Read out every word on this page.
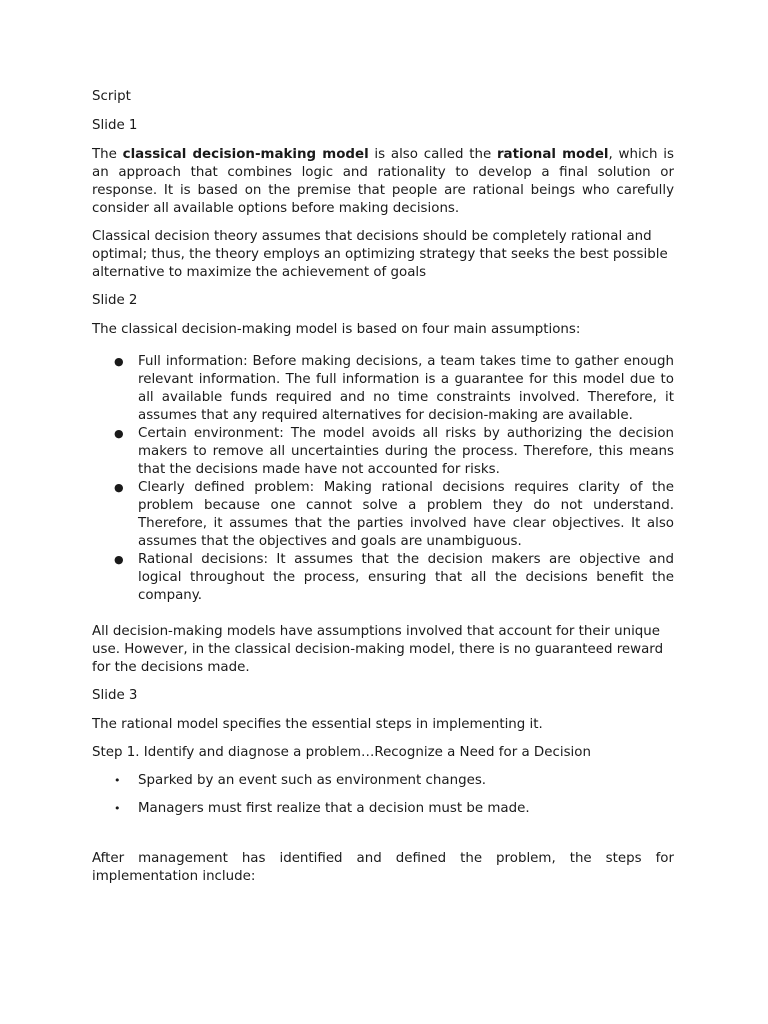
Script

Slide 1

The classical decision-making model is also called the rational model, which is an approach that combines logic and rationality to develop a final solution or response. It is based on the premise that people are rational beings who carefully consider all available options before making decisions.

Classical decision theory assumes that decisions should be completely rational and optimal; thus, the theory employs an optimizing strategy that seeks the best possible alternative to maximize the achievement of goals

Slide 2

The classical decision-making model is based on four main assumptions:

● Full information: Before making decisions, a team takes time to gather enough relevant information. The full information is a guarantee for this model due to all available funds required and no time constraints involved. Therefore, it assumes that any required alternatives for decision-making are available.
● Certain environment: The model avoids all risks by authorizing the decision makers to remove all uncertainties during the process. Therefore, this means that the decisions made have not accounted for risks.
● Clearly defined problem: Making rational decisions requires clarity of the problem because one cannot solve a problem they do not understand. Therefore, it assumes that the parties involved have clear objectives. It also assumes that the objectives and goals are unambiguous.
● Rational decisions: It assumes that the decision makers are objective and logical throughout the process, ensuring that all the decisions benefit the company.

All decision-making models have assumptions involved that account for their unique use. However, in the classical decision-making model, there is no guaranteed reward for the decisions made.

Slide 3

The rational model specifies the essential steps in implementing it.

Step 1. Identify and diagnose a problem…Recognize a Need for a Decision

• Sparked by an event such as environment changes.
• Managers must first realize that a decision must be made.

After management has identified and defined the problem, the steps for implementation include:
